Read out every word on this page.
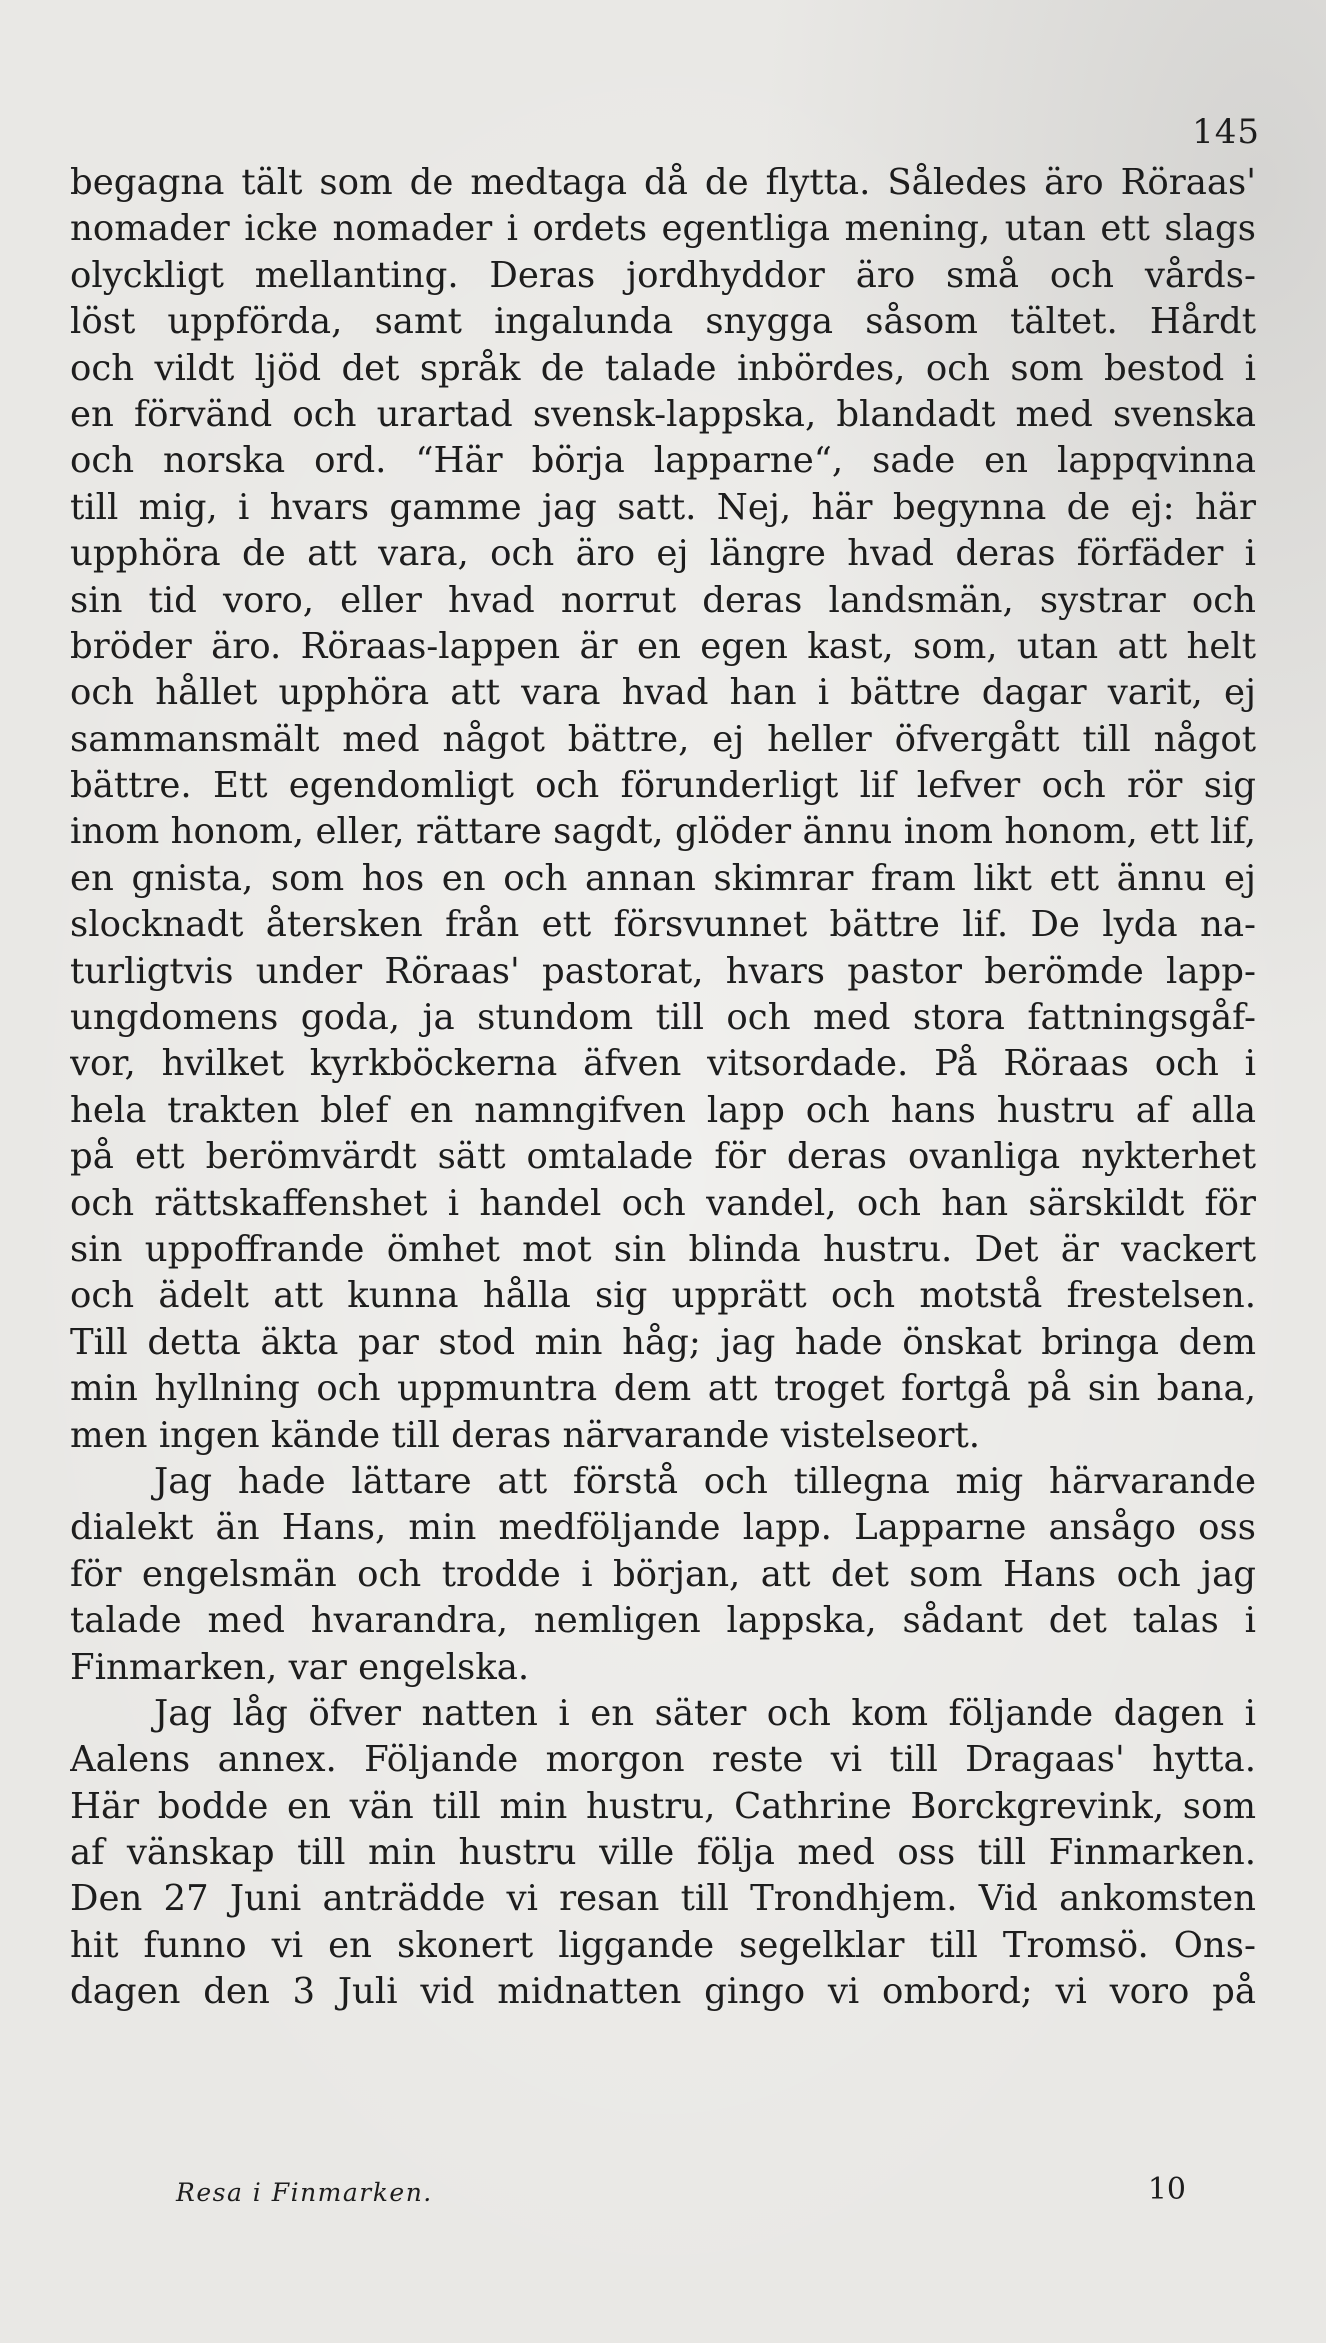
145
begagna tält som de medtaga då de flytta. Således äro Röraas'
nomader icke nomader i ordets egentliga mening, utan ett slags
olyckligt mellanting. Deras jordhyddor äro små och vårds-
löst uppförda, samt ingalunda snygga såsom tältet. Hårdt
och vildt ljöd det språk de talade inbördes, och som bestod i
en förvänd och urartad svensk-lappska, blandadt med svenska
och norska ord. “Här börja lapparne“, sade en lappqvinna
till mig, i hvars gamme jag satt. Nej, här begynna de ej: här
upphöra de att vara, och äro ej längre hvad deras förfäder i
sin tid voro, eller hvad norrut deras landsmän, systrar och
bröder äro. Röraas-lappen är en egen kast, som, utan att helt
och hållet upphöra att vara hvad han i bättre dagar varit, ej
sammansmält med något bättre, ej heller öfvergått till något
bättre. Ett egendomligt och förunderligt lif lefver och rör sig
inom honom, eller, rättare sagdt, glöder ännu inom honom, ett lif,
en gnista, som hos en och annan skimrar fram likt ett ännu ej
slocknadt återsken från ett försvunnet bättre lif. De lyda na-
turligtvis under Röraas' pastorat, hvars pastor berömde lapp-
ungdomens goda, ja stundom till och med stora fattningsgåf-
vor, hvilket kyrkböckerna äfven vitsordade. På Röraas och i
hela trakten blef en namngifven lapp och hans hustru af alla
på ett berömvärdt sätt omtalade för deras ovanliga nykterhet
och rättskaffenshet i handel och vandel, och han särskildt för
sin uppoffrande ömhet mot sin blinda hustru. Det är vackert
och ädelt att kunna hålla sig upprätt och motstå frestelsen.
Till detta äkta par stod min håg; jag hade önskat bringa dem
min hyllning och uppmuntra dem att troget fortgå på sin bana,
men ingen kände till deras närvarande vistelseort.
Jag hade lättare att förstå och tillegna mig härvarande
dialekt än Hans, min medföljande lapp. Lapparne ansågo oss
för engelsmän och trodde i början, att det som Hans och jag
talade med hvarandra, nemligen lappska, sådant det talas i
Finmarken, var engelska.
Jag låg öfver natten i en säter och kom följande dagen i
Aalens annex. Följande morgon reste vi till Dragaas' hytta.
Här bodde en vän till min hustru, Cathrine Borckgrevink, som
af vänskap till min hustru ville följa med oss till Finmarken.
Den 27 Juni anträdde vi resan till Trondhjem. Vid ankomsten
hit funno vi en skonert liggande segelklar till Tromsö. Ons-
dagen den 3 Juli vid midnatten gingo vi ombord; vi voro på
Resa i Finmarken.	10
